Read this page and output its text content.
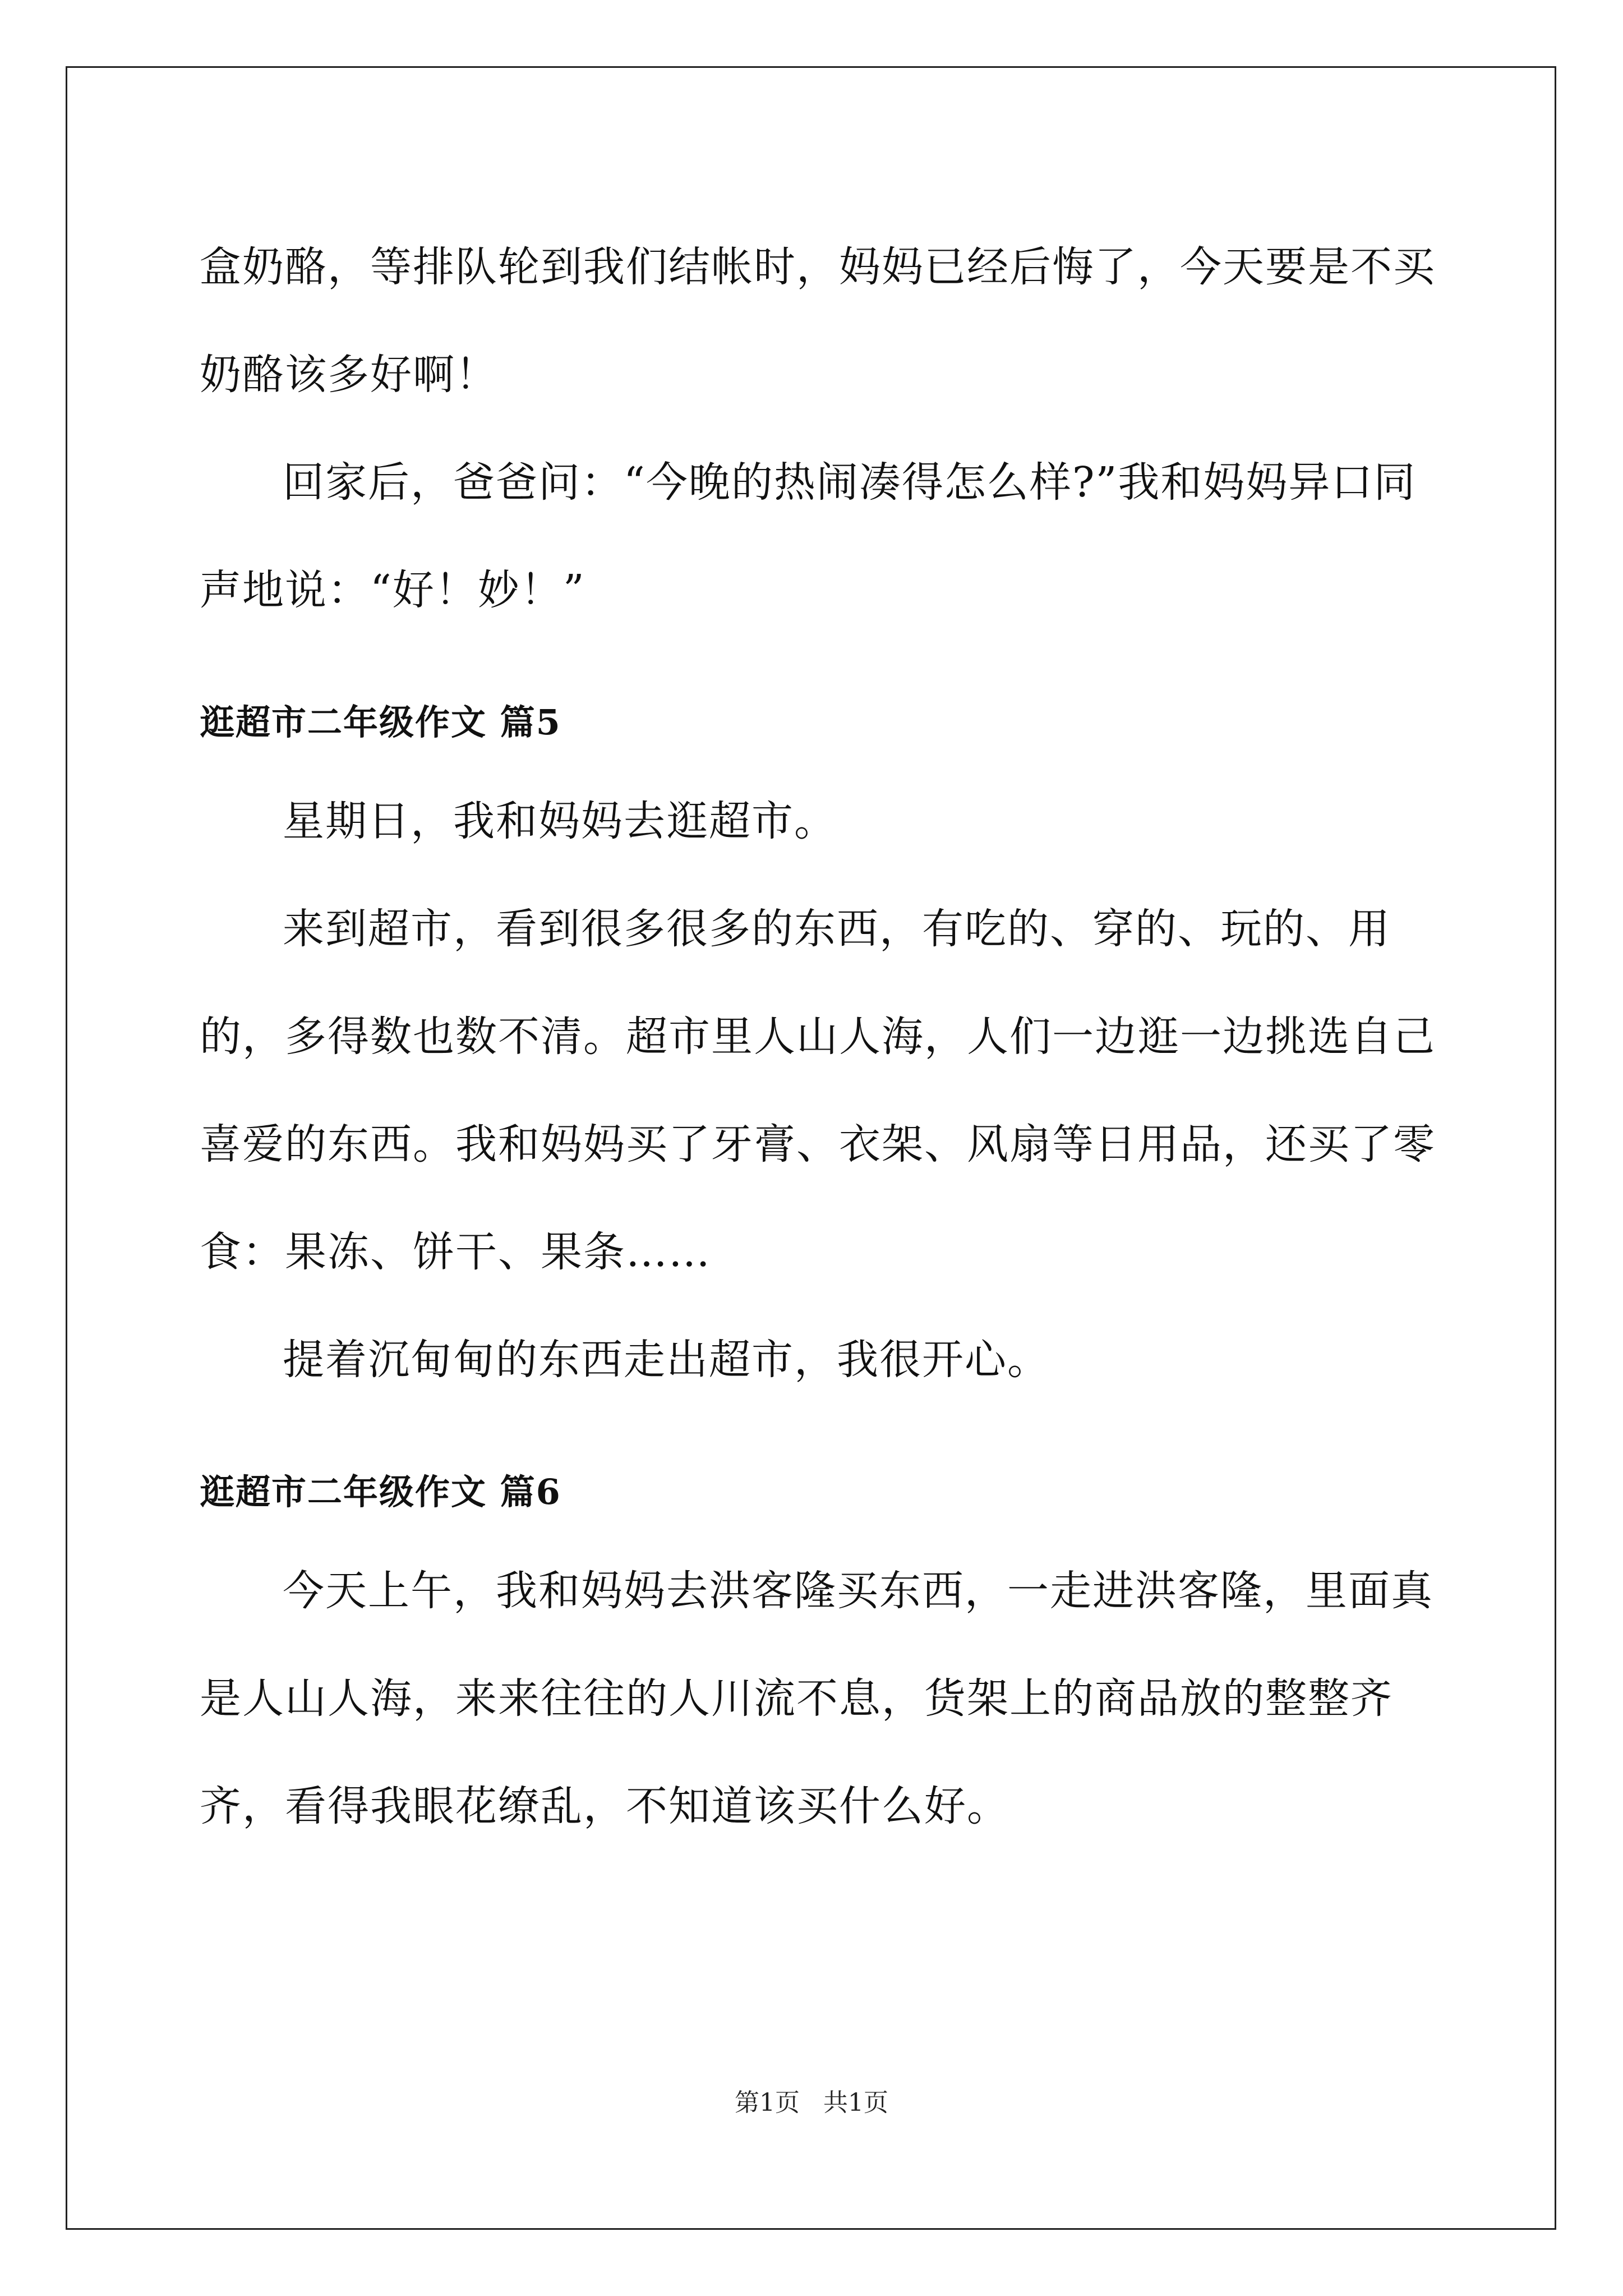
盒奶酪，等排队轮到我们结帐时，妈妈已经后悔了，今天要是不买奶酪该多好啊！

回家后，爸爸问：“今晚的热闹凑得怎么样?”我和妈妈异口同声地说：“好！妙！”

逛超市二年级作文 篇5

星期日，我和妈妈去逛超市。

来到超市，看到很多很多的东西，有吃的、穿的、玩的、用的，多得数也数不清。超市里人山人海，人们一边逛一边挑选自己喜爱的东西。我和妈妈买了牙膏、衣架、风扇等日用品，还买了零食：果冻、饼干、果条……

提着沉甸甸的东西走出超市，我很开心。

逛超市二年级作文 篇6

今天上午，我和妈妈去洪客隆买东西，一走进洪客隆，里面真是人山人海，来来往往的人川流不息，货架上的商品放的整整齐齐，看得我眼花缭乱，不知道该买什么好。

第1页 共1页
